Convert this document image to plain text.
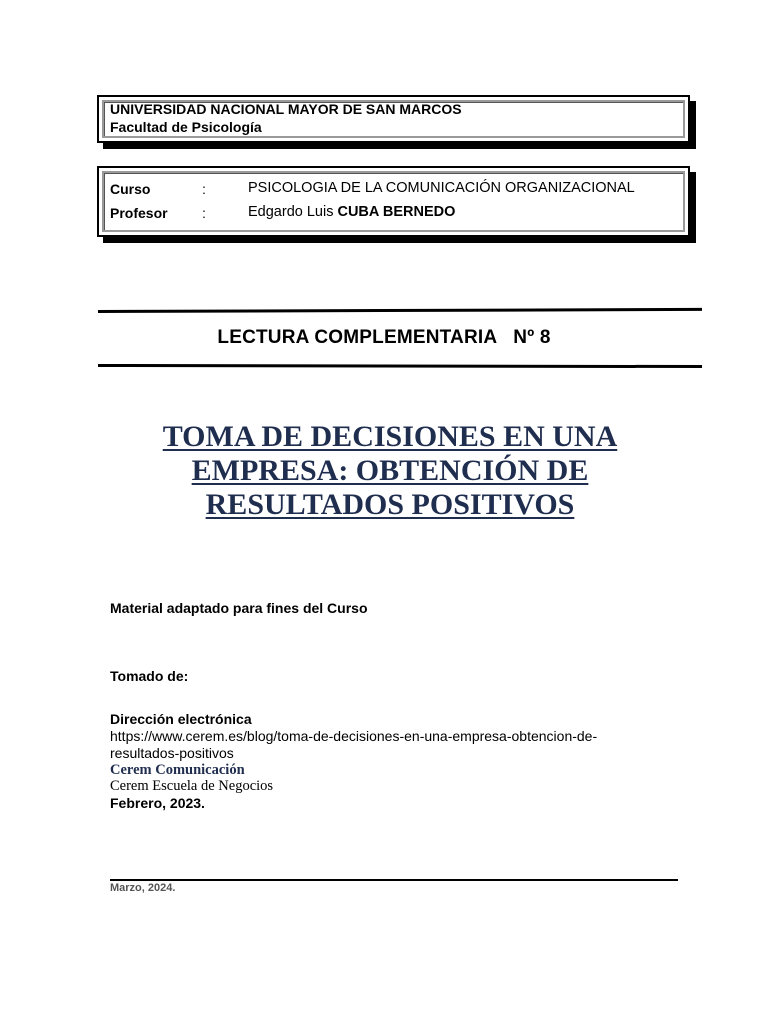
UNIVERSIDAD NACIONAL MAYOR DE SAN MARCOS
Facultad de Psicología
Curso	:	PSICOLOGIA DE LA COMUNICACIÓN ORGANIZACIONAL
Profesor :	Edgardo Luis CUBA BERNEDO
LECTURA COMPLEMENTARIA Nº 8
TOMA DE DECISIONES EN UNA
EMPRESA: OBTENCIÓN DE
RESULTADOS POSITIVOS
Material adaptado para fines del Curso
Tomado de:
Dirección electrónica
https://www.cerem.es/blog/toma-de-decisiones-en-una-empresa-obtencion-de-
resultados-positivos
Cerem Comunicación
Cerem Escuela de Negocios
Febrero, 2023.
Marzo, 2024.
